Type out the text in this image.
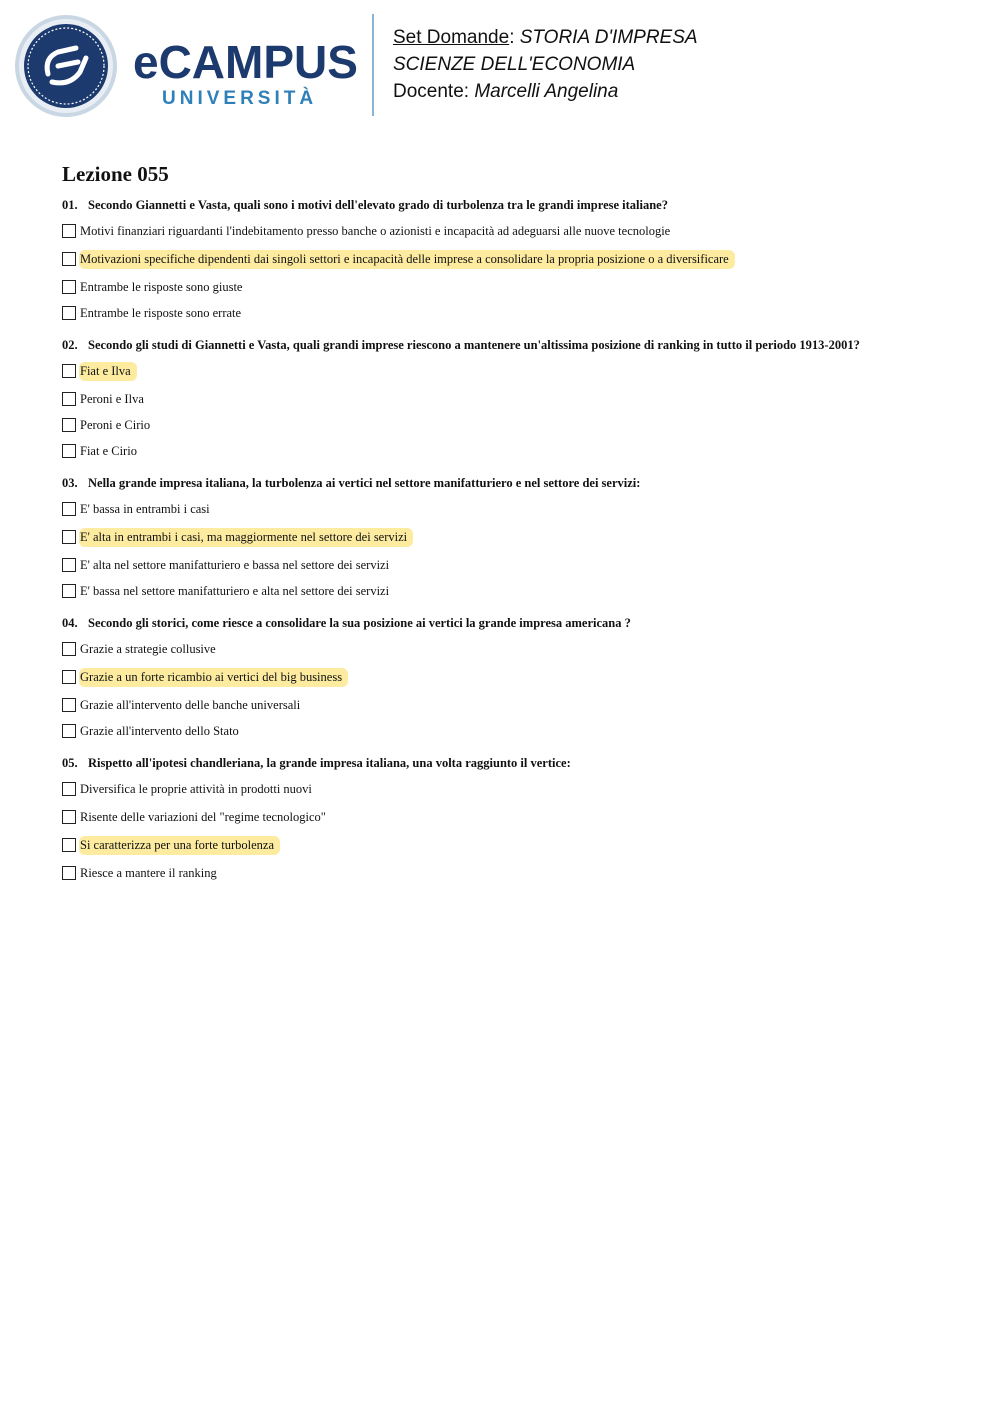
eCAMPUS
UNIVERSITÀ
Set Domande: STORIA D'IMPRESA
SCIENZE DELL'ECONOMIA
Docente: Marcelli Angelina
Lezione 055
01. Secondo Giannetti e Vasta, quali sono i motivi dell'elevato grado di turbolenza tra le grandi imprese italiane?
Motivi finanziari riguardanti l'indebitamento presso banche o azionisti e incapacità ad adeguarsi alle nuove tecnologie
Motivazioni specifiche dipendenti dai singoli settori e incapacità delle imprese a consolidare la propria posizione o a diversificare
Entrambe le risposte sono giuste
Entrambe le risposte sono errate
02. Secondo gli studi di Giannetti e Vasta, quali grandi imprese riescono a mantenere un'altissima posizione di ranking in tutto il periodo 1913-2001?
Fiat e Ilva
Peroni e Ilva
Peroni e Cirio
Fiat e Cirio
03. Nella grande impresa italiana, la turbolenza ai vertici nel settore manifatturiero e nel settore dei servizi:
E' bassa in entrambi i casi
E' alta in entrambi i casi, ma maggiormente nel settore dei servizi
E' alta nel settore manifatturiero e bassa nel settore dei servizi
E' bassa nel settore manifatturiero e alta nel settore dei servizi
04. Secondo gli storici, come riesce a consolidare la sua posizione ai vertici la grande impresa americana ?
Grazie a strategie collusive
Grazie a un forte ricambio ai vertici del big business
Grazie all'intervento delle banche universali
Grazie all'intervento dello Stato
05. Rispetto all'ipotesi chandleriana, la grande impresa italiana, una volta raggiunto il vertice:
Diversifica le proprie attività in prodotti nuovi
Risente delle variazioni del "regime tecnologico"
Si caratterizza per una forte turbolenza
Riesce a mantere il ranking
